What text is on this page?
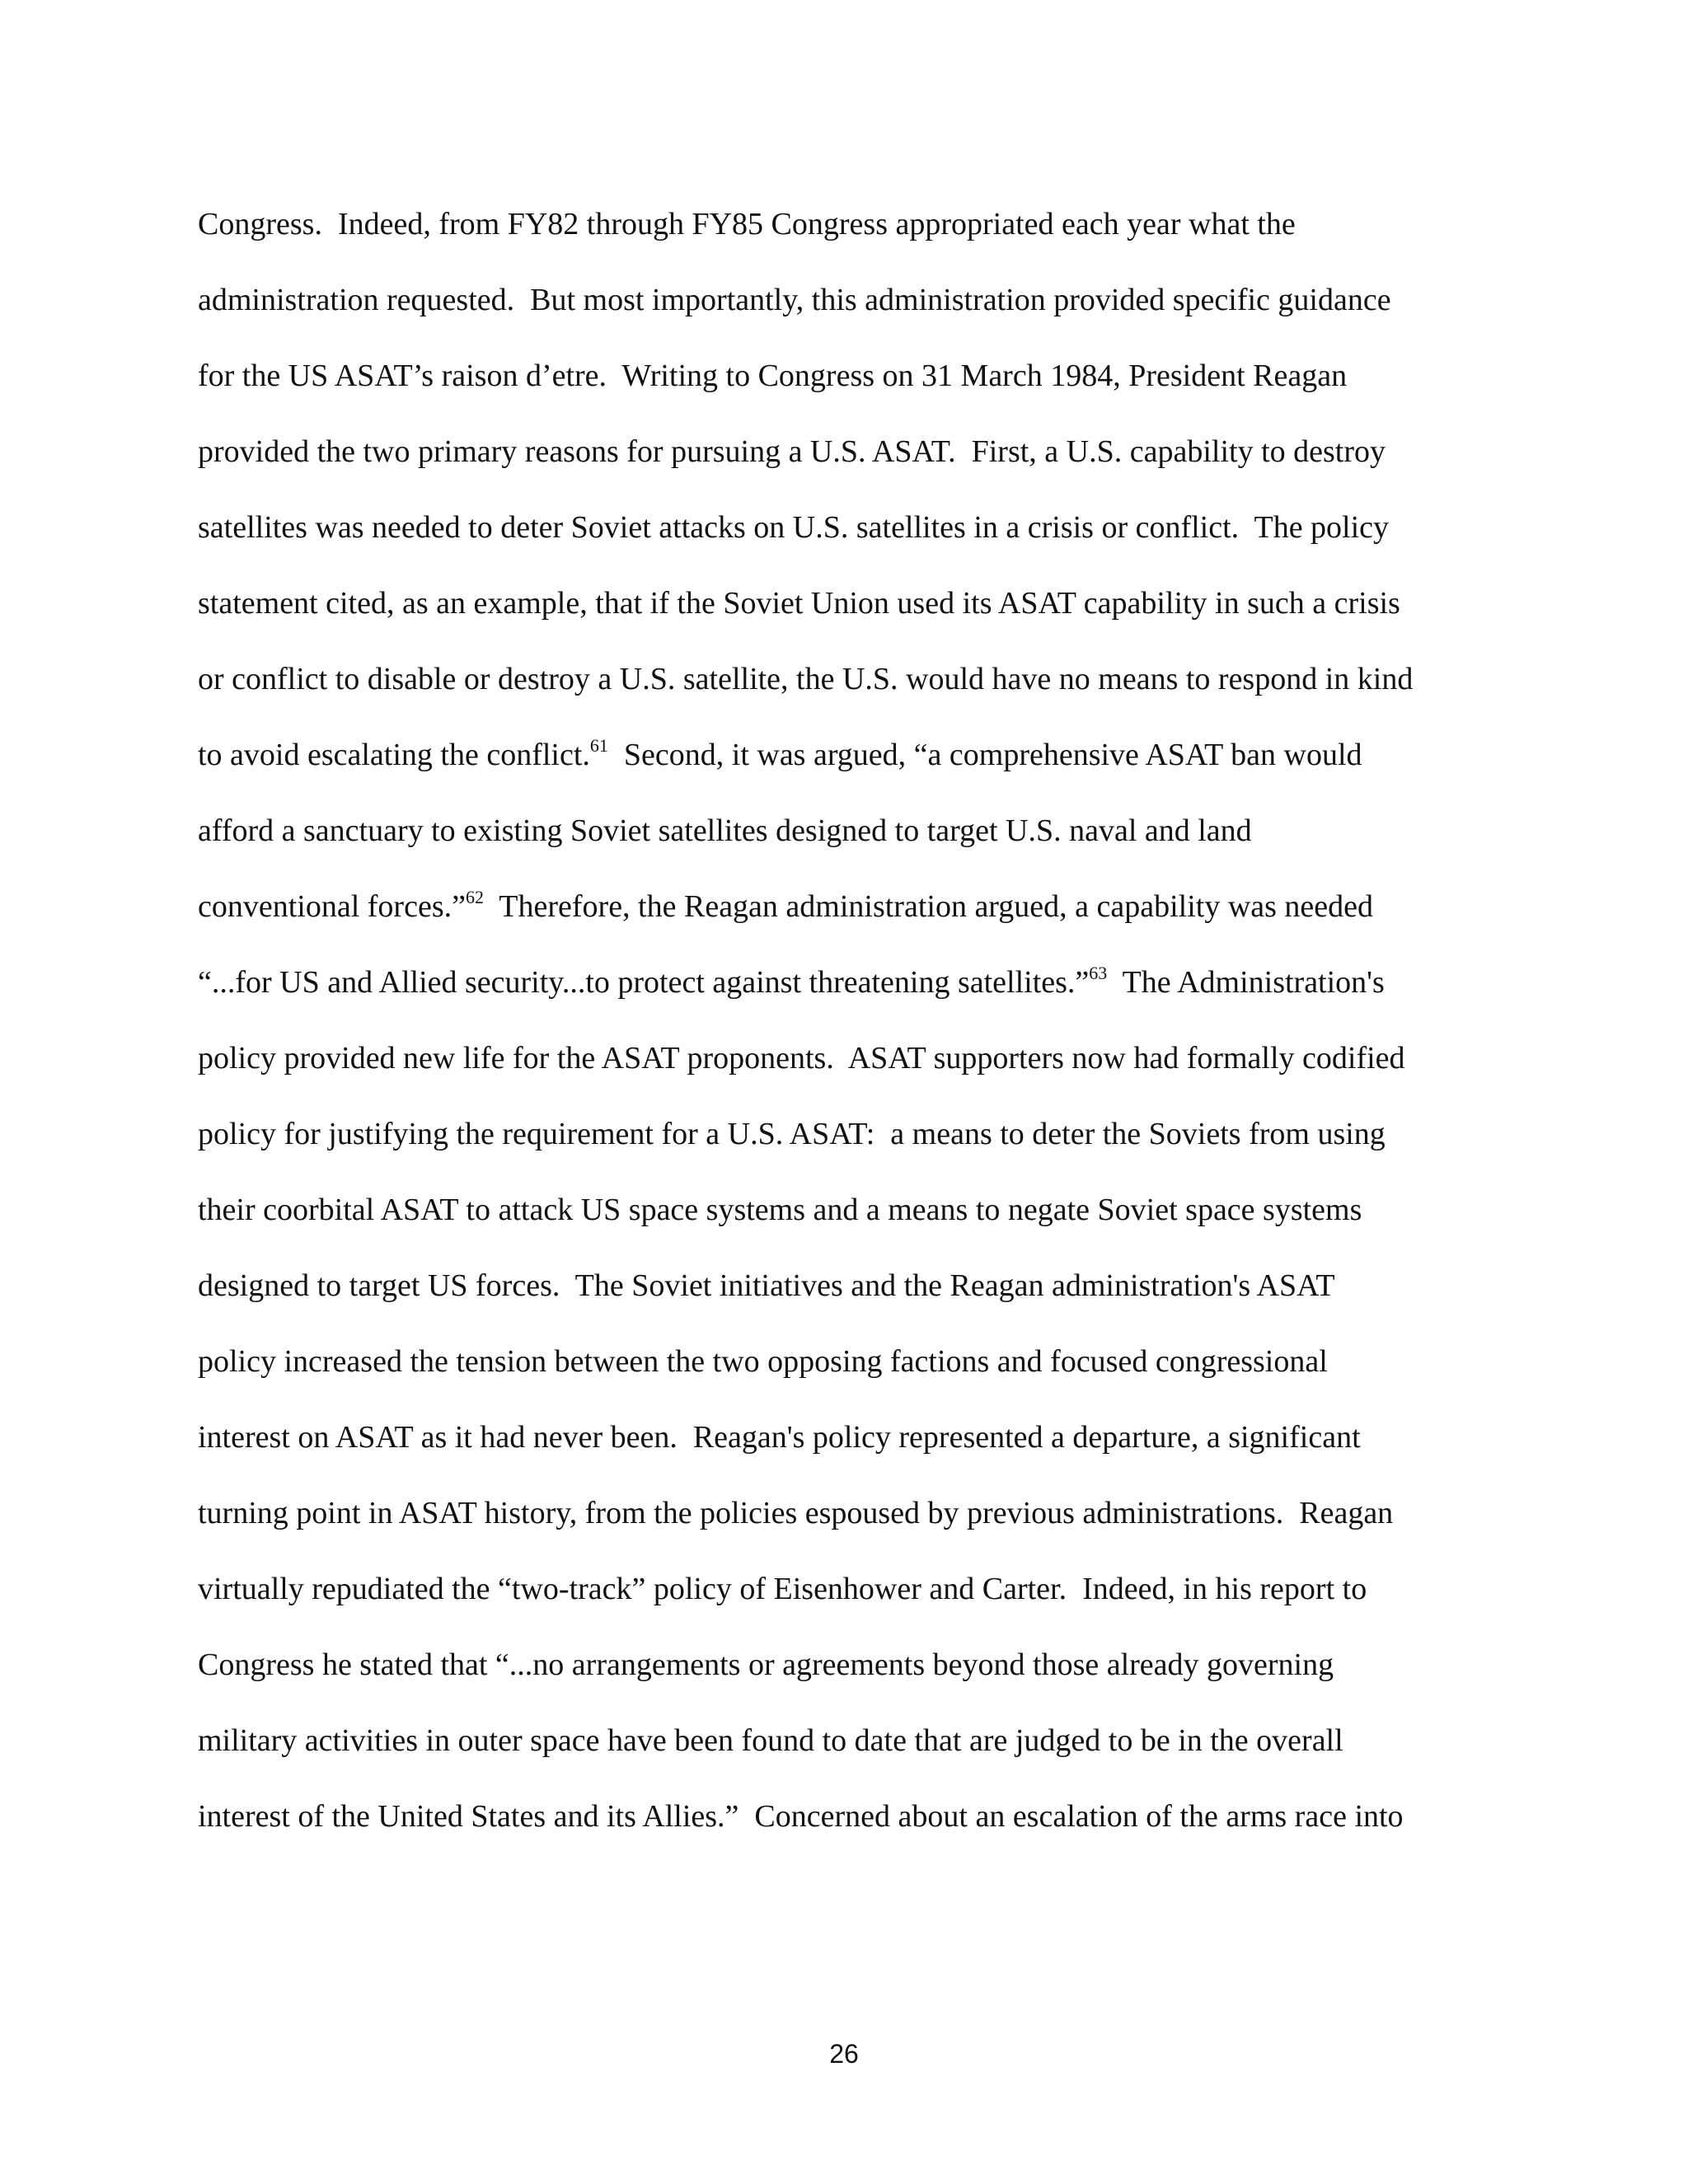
Congress.  Indeed, from FY82 through FY85 Congress appropriated each year what the
administration requested.  But most importantly, this administration provided specific guidance
for the US ASAT’s raison d’etre.  Writing to Congress on 31 March 1984, President Reagan
provided the two primary reasons for pursuing a U.S. ASAT.  First, a U.S. capability to destroy
satellites was needed to deter Soviet attacks on U.S. satellites in a crisis or conflict.  The policy
statement cited, as an example, that if the Soviet Union used its ASAT capability in such a crisis
or conflict to disable or destroy a U.S. satellite, the U.S. would have no means to respond in kind
to avoid escalating the conflict.$^{61}$  Second, it was argued, “a comprehensive ASAT ban would
afford a sanctuary to existing Soviet satellites designed to target U.S. naval and land
conventional forces.”$^{62}$  Therefore, the Reagan administration argued, a capability was needed
“...for US and Allied security...to protect against threatening satellites.”$^{63}$  The Administration's
policy provided new life for the ASAT proponents.  ASAT supporters now had formally codified
policy for justifying the requirement for a U.S. ASAT:  a means to deter the Soviets from using
their coorbital ASAT to attack US space systems and a means to negate Soviet space systems
designed to target US forces.  The Soviet initiatives and the Reagan administration's ASAT
policy increased the tension between the two opposing factions and focused congressional
interest on ASAT as it had never been.  Reagan's policy represented a departure, a significant
turning point in ASAT history, from the policies espoused by previous administrations.  Reagan
virtually repudiated the “two-track” policy of Eisenhower and Carter.  Indeed, in his report to
Congress he stated that “...no arrangements or agreements beyond those already governing
military activities in outer space have been found to date that are judged to be in the overall
interest of the United States and its Allies.”  Concerned about an escalation of the arms race into
26
